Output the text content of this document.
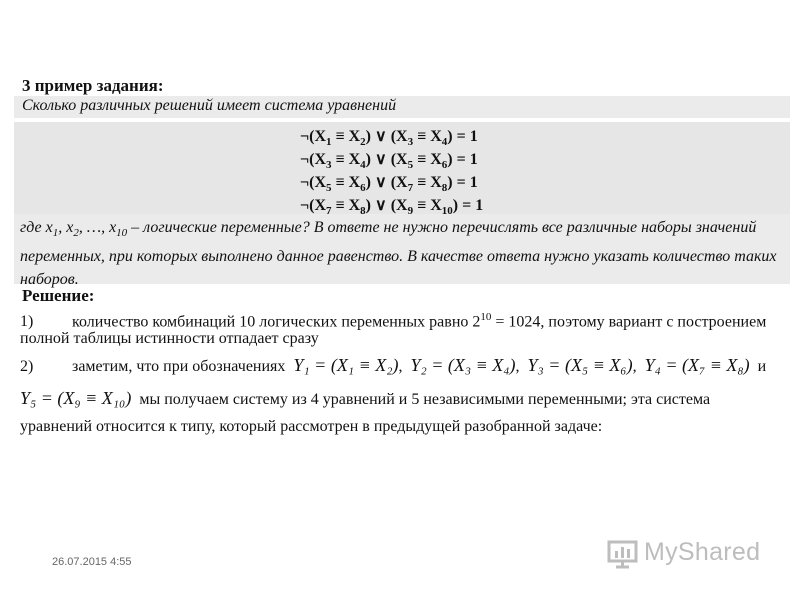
3 пример задания:
Сколько различных решений имеет система уравнений
$\neg(X_1 \equiv X_2)$ ∨ $(X_3 \equiv X_4) = 1$
$\neg(X_3 \equiv X_4)$ ∨ $(X_5 \equiv X_6) = 1$
$\neg(X_5 \equiv X_6)$ ∨ $(X_7 \equiv X_8) = 1$
$\neg(X_7 \equiv X_8)$ ∨ $(X_9 \equiv X_{10}) = 1$
где $x_1$, $x_2$, …, $x_{10}$ – логические переменные? В ответе не нужно перечислять все различные наборы значений переменных, при которых выполнено данное равенство. В качестве ответа нужно указать количество таких наборов.
Решение:
1) количество комбинаций 10 логических переменных равно $2^{10} = 1024$, поэтому вариант с построением
полной таблицы истинности отпадает сразу
2) заметим, что при обозначениях Y₁ = (X₁ ≡ X₂),  Y₂ = (X₃ ≡ X₄),  Y₃ = (X₅ ≡ X₆),  Y₄ = (X₇ ≡ X₈) и
Y₅ = (X₉ ≡ X₁₀) мы получаем систему из 4 уравнений и 5 независимыми переменными; эта система
уравнений относится к типу, который рассмотрен в предыдущей разобранной задаче:
26.07.2015 4:55	MyShared
